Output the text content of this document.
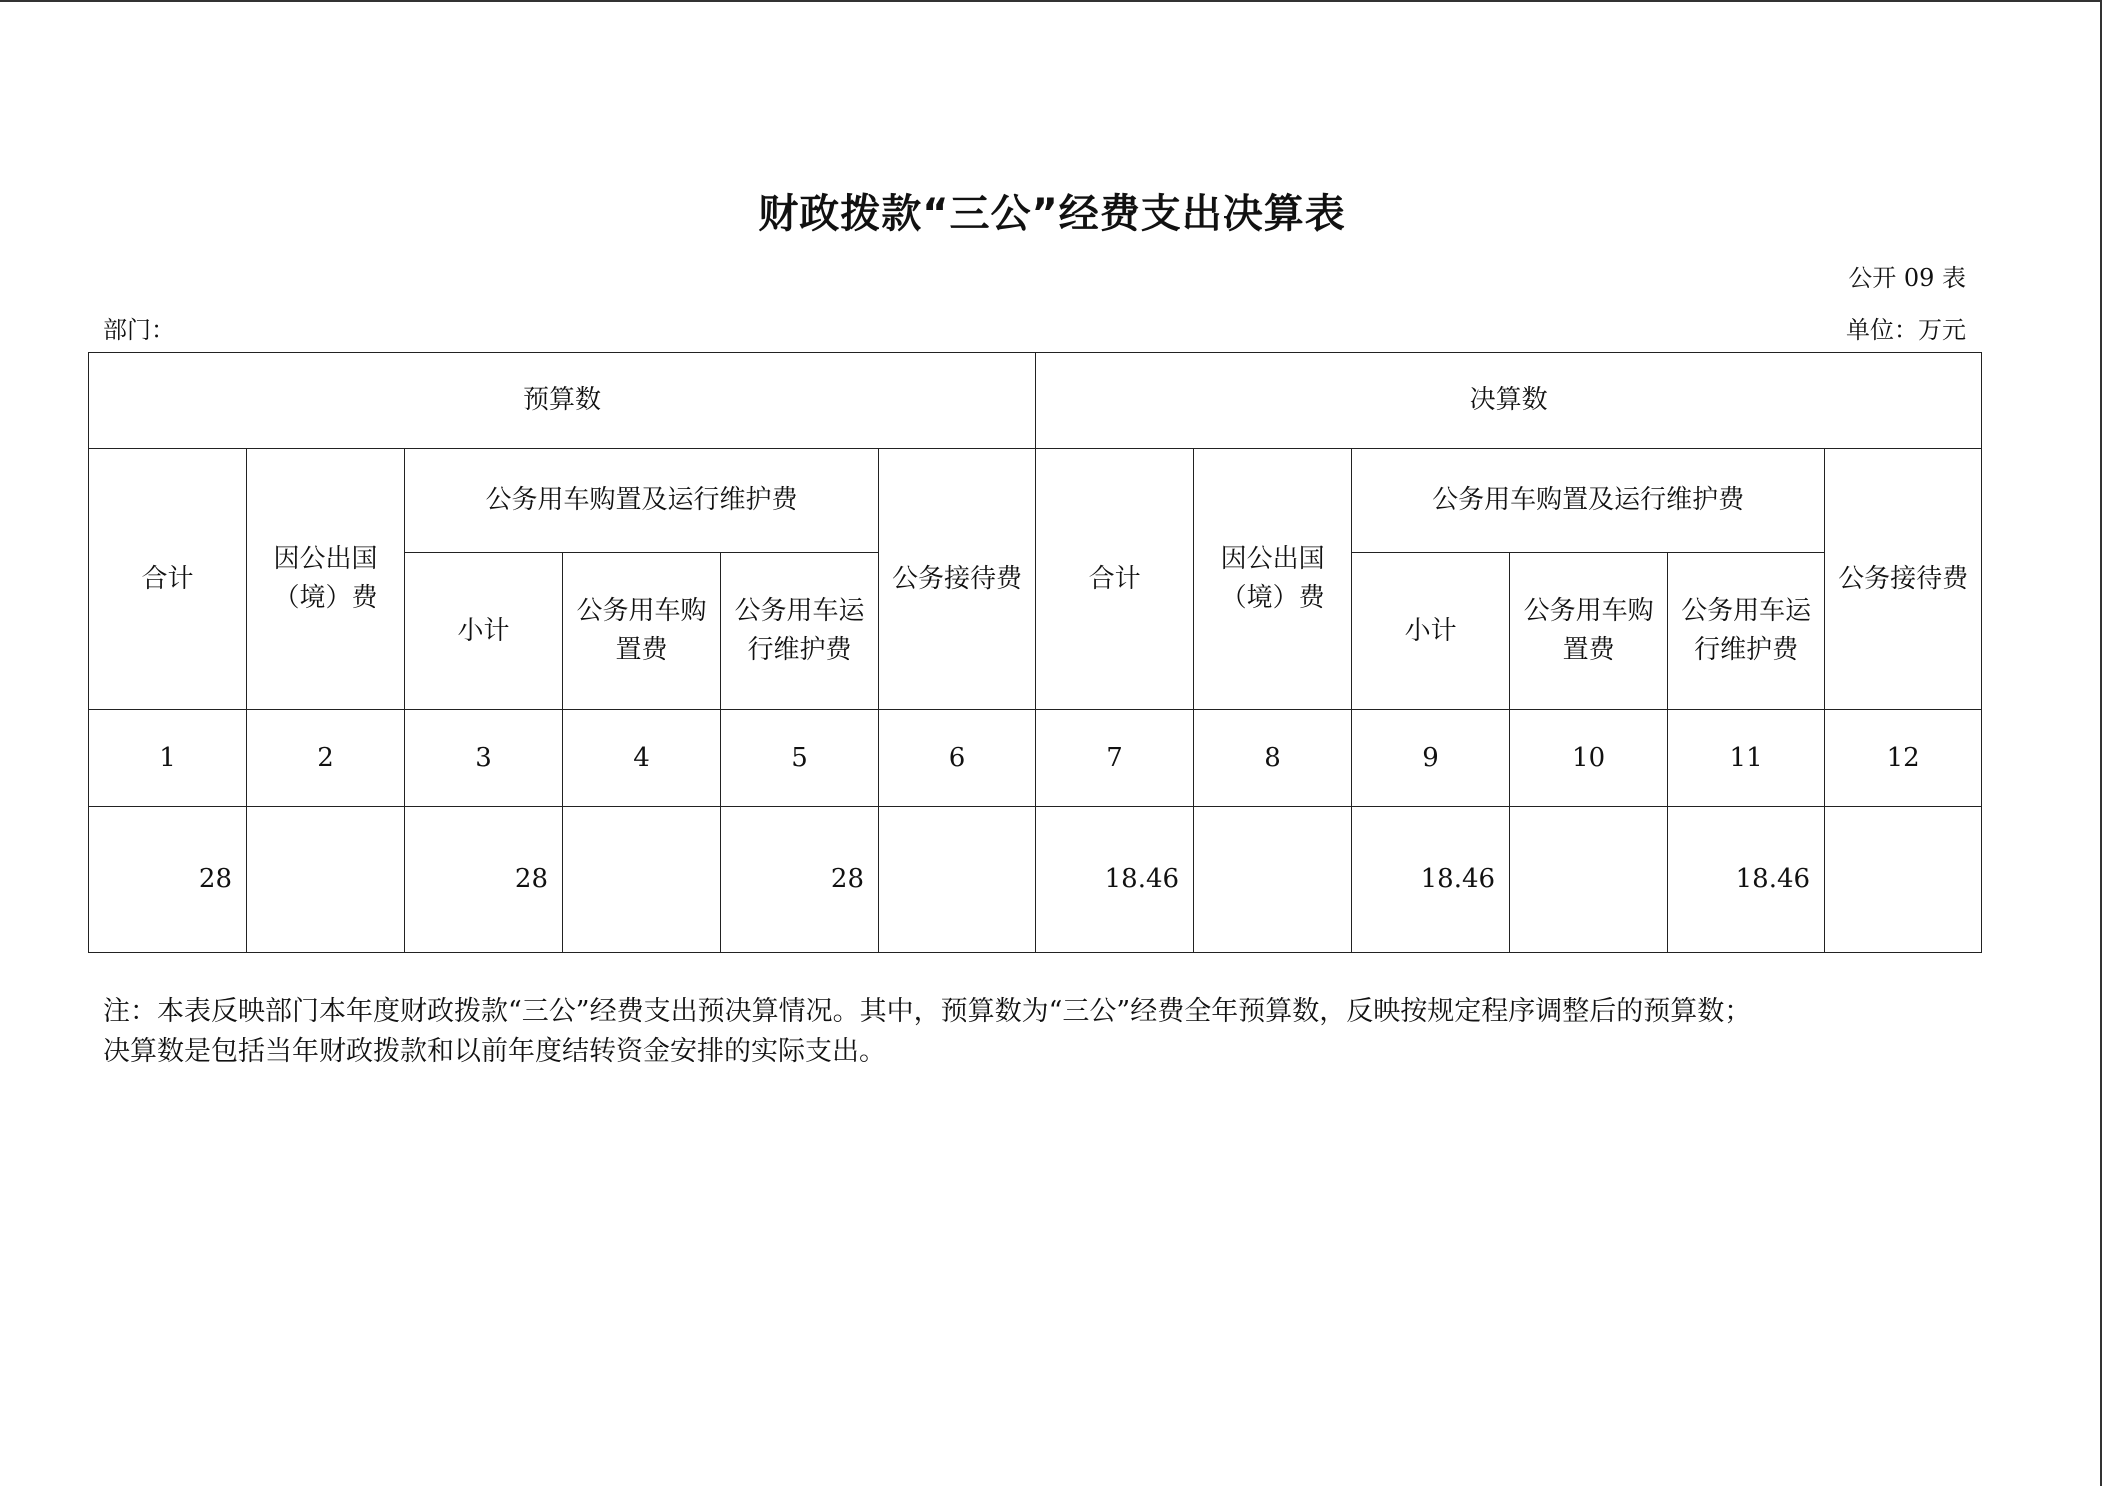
财政拨款“三公”经费支出决算表
公开 09 表
部门：	单位：万元
预算数						决算数					
合计	因公出国（境）费	公务用车购置及运行维护费			公务接待费	合计	因公出国（境）费	公务用车购置及运行维护费			公务接待费
		小计	公务用车购置费	公务用车运行维护费				小计	公务用车购置费	公务用车运行维护费	
1	2	3	4	5	6	7	8	9	10	11	12
28		28		28		18.46		18.46		18.46	

注：本表反映部门本年度财政拨款“三公”经费支出预决算情况。其中，预算数为“三公”经费全年预算数，反映按规定程序调整后的预算数；

决算数是包括当年财政拨款和以前年度结转资金安排的实际支出。
